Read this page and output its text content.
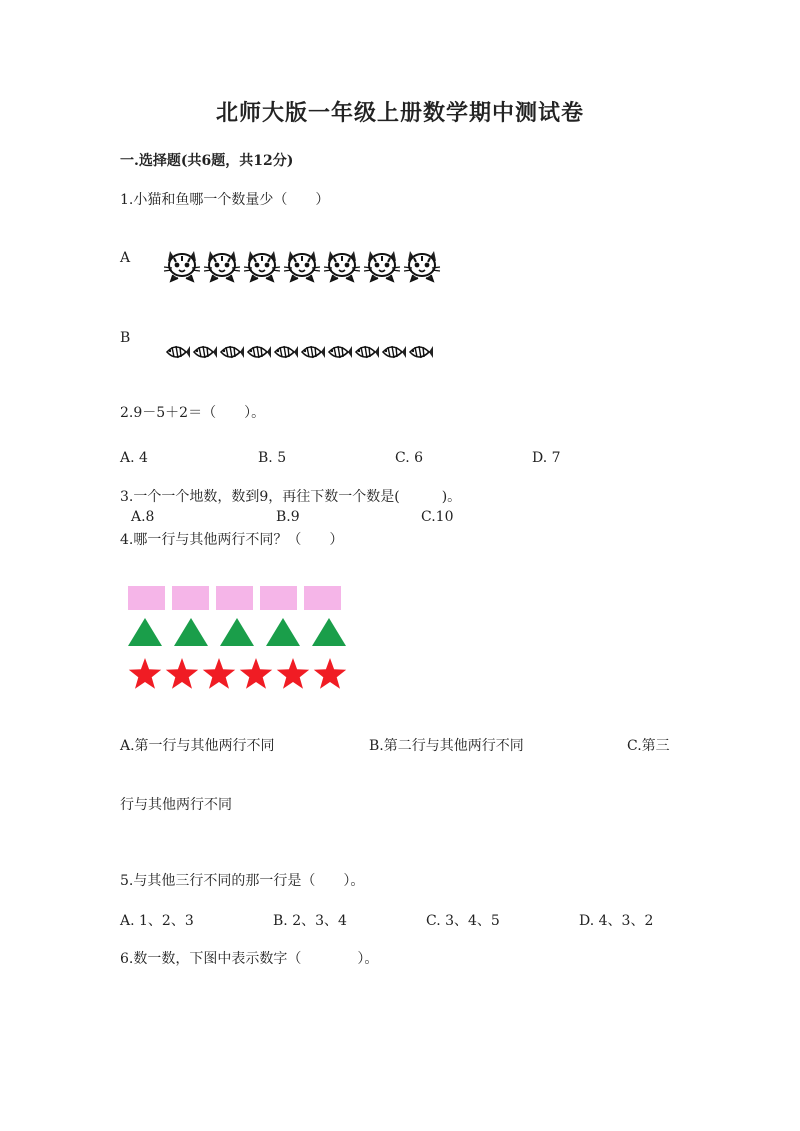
北师大版一年级上册数学期中测试卷
一.选择题(共6题，共12分)
1.小猫和鱼哪一个数量少（　　）
A
B
2.9－5＋2＝（　　）。
A. 4	B. 5	C. 6	D. 7
3.一个一个地数，数到9，再往下数一个数是(　　　)。
A.8	B.9	C.10
4.哪一行与其他两行不同？（　　）
A.第一行与其他两行不同	B.第二行与其他两行不同	C.第三
行与其他两行不同
5.与其他三行不同的那一行是（　　）。
A. 1、2、3	B. 2、3、4	C. 3、4、5	D. 4、3、2
6.数一数，下图中表示数字（　　　　）。
